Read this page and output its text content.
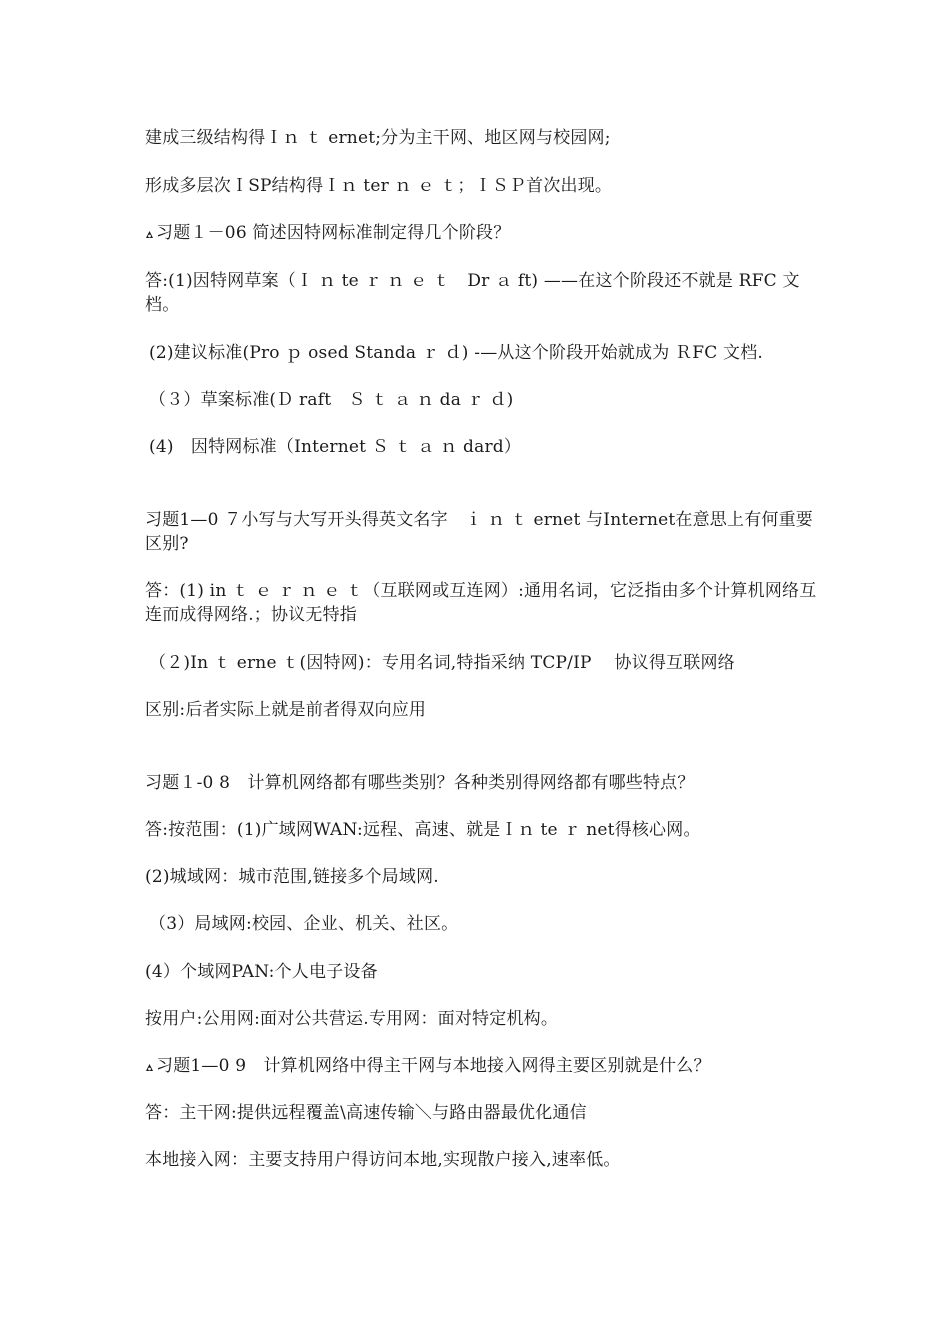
建成三级结构得Ｉｎ ｔ ernet;分为主干网、地区网与校园网;
形成多层次ＩSP结构得Ｉｎ ter ｎ ｅ ｔ；ＩＳＰ首次出现。
习题１－06 简述因特网标准制定得几个阶段？
答:(1)因特网草案（Ｉ ｎ te ｒ ｎ ｅ ｔ　Dr ａ ft) ——在这个阶段还不就是 RFC 文档。
(2)建议标准(Pro ｐ osed Standa ｒ ｄ) -—从这个阶段开始就成为 ＲFC 文档.
（３）草案标准(Ｄ raft　Ｓ ｔ ａ ｎ da ｒ ｄ)
(4)　因特网标准（Internet Ｓ ｔ ａ ｎ dard）
习题1—0 ７小写与大写开头得英文名字　ｉ ｎ ｔ ernet 与Internet在意思上有何重要区别?
答：(1) in ｔ ｅ ｒ ｎ ｅ ｔ（互联网或互连网）:通用名词，它泛指由多个计算机网络互连而成得网络.；协议无特指
（２)In ｔ erne ｔ(因特网)：专用名词,特指采纳 TCP/IP　 协议得互联网络
区别:后者实际上就是前者得双向应用
习题１-0 8　计算机网络都有哪些类别？各种类别得网络都有哪些特点？
答:按范围：(1)广域网WAN:远程、高速、就是Ｉｎ te ｒ net得核心网。
(2)城域网：城市范围,链接多个局域网.
（3）局域网:校园、企业、机关、社区。
(4）个域网PAN:个人电子设备
按用户:公用网:面对公共营运.专用网：面对特定机构。
习题1—0 9　计算机网络中得主干网与本地接入网得主要区别就是什么？
答：主干网:提供远程覆盖\高速传输＼与路由器最优化通信
本地接入网：主要支持用户得访问本地,实现散户接入,速率低。
